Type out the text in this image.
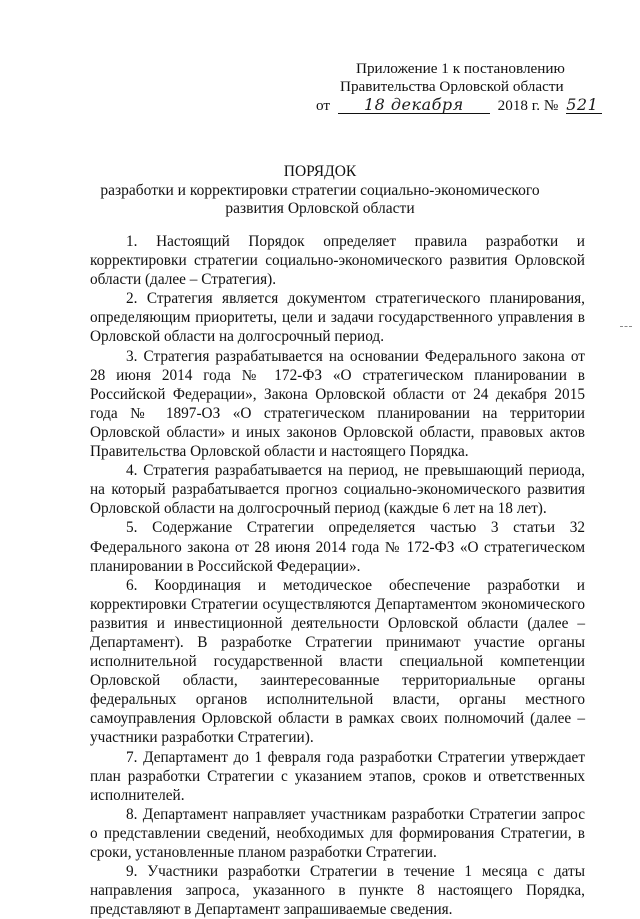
Приложение 1 к постановлению
Правительства Орловской области
от 18 декабря 2018 г. № 521
ПОРЯДОК
разработки и корректировки стратегии социально-экономического развития Орловской области

1. Настоящий Порядок определяет правила разработки и корректировки стратегии социально-экономического развития Орловской области (далее – Стратегия).

2. Стратегия является документом стратегического планирования, определяющим приоритеты, цели и задачи государственного управления в Орловской области на долгосрочный период.

3. Стратегия разрабатывается на основании Федерального закона от 28 июня 2014 года № 172-ФЗ «О стратегическом планировании в Российской Федерации», Закона Орловской области от 24 декабря 2015 года № 1897-ОЗ «О стратегическом планировании на территории Орловской области» и иных законов Орловской области, правовых актов Правительства Орловской области и настоящего Порядка.

4. Стратегия разрабатывается на период, не превышающий периода, на который разрабатывается прогноз социально-экономического развития Орловской области на долгосрочный период (каждые 6 лет на 18 лет).

5. Содержание Стратегии определяется частью 3 статьи 32 Федерального закона от 28 июня 2014 года № 172-ФЗ «О стратегическом планировании в Российской Федерации».

6. Координация и методическое обеспечение разработки и корректировки Стратегии осуществляются Департаментом экономического развития и инвестиционной деятельности Орловской области (далее – Департамент). В разработке Стратегии принимают участие органы исполнительной государственной власти специальной компетенции Орловской области, заинтересованные территориальные органы федеральных органов исполнительной власти, органы местного самоуправления Орловской области в рамках своих полномочий (далее – участники разработки Стратегии).

7. Департамент до 1 февраля года разработки Стратегии утверждает план разработки Стратегии с указанием этапов, сроков и ответственных исполнителей.

8. Департамент направляет участникам разработки Стратегии запрос о представлении сведений, необходимых для формирования Стратегии, в сроки, установленные планом разработки Стратегии.

9. Участники разработки Стратегии в течение 1 месяца с даты направления запроса, указанного в пункте 8 настоящего Порядка, представляют в Департамент запрашиваемые сведения.
